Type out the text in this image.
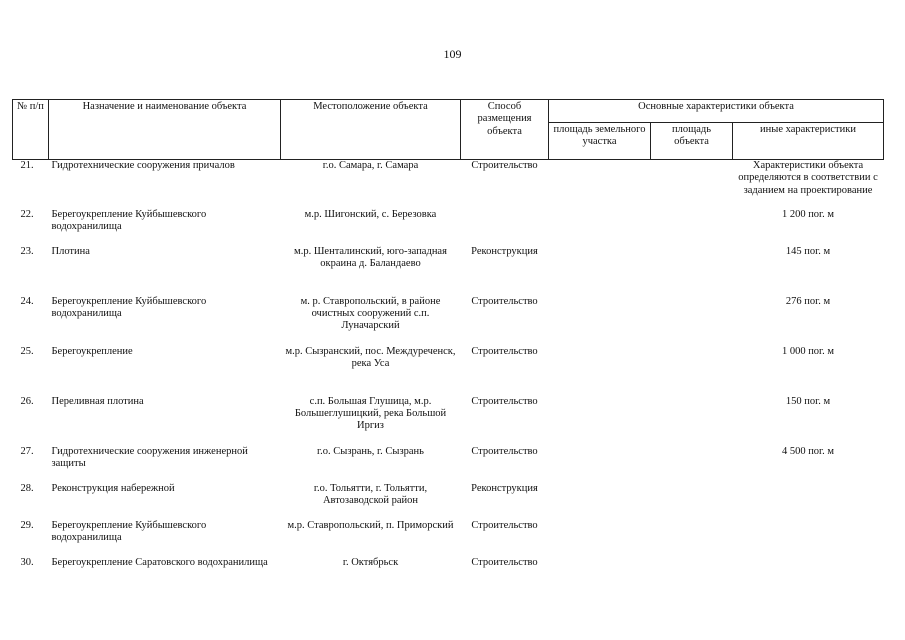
109
№ п/п	Назначение и наименование объекта	Местоположение объекта	Способ размещения объекта	Основные характеристики объекта		
				площадь земельного участка	площадь объекта	иные характеристики
21.	Гидротехнические сооружения причалов	г.о. Самара, г. Самара	Строительство			Характеристики объекта определяются в соответствии с заданием на проектирование
22.	Берегоукрепление Куйбышевского водохранилища	м.р. Шигонский, с. Березовка				1 200 пог. м
23.	Плотина	м.р. Шенталинский, юго-западная окраина д. Баландаево	Реконструкция			145 пог. м
24.	Берегоукрепление Куйбышевского водохранилища	м. р. Ставропольский, в районе очистных сооружений с.п. Луначарский	Строительство			276 пог. м
25.	Берегоукрепление	м.р. Сызранский, пос. Междуреченск, река Уса	Строительство			1 000 пог. м
26.	Переливная плотина	с.п. Большая Глушица, м.р. Большеглушицкий, река Большой Иргиз	Строительство			150 пог. м
27.	Гидротехнические сооружения инженерной защиты	г.о. Сызрань, г. Сызрань	Строительство			4 500 пог. м
28.	Реконструкция набережной	г.о. Тольятти, г. Тольятти, Автозаводской район	Реконструкция			
29.	Берегоукрепление Куйбышевского водохранилища	м.р. Ставропольский, п. Приморский	Строительство			
30.	Берегоукрепление Саратовского водохранилища	г. Октябрьск	Строительство			
